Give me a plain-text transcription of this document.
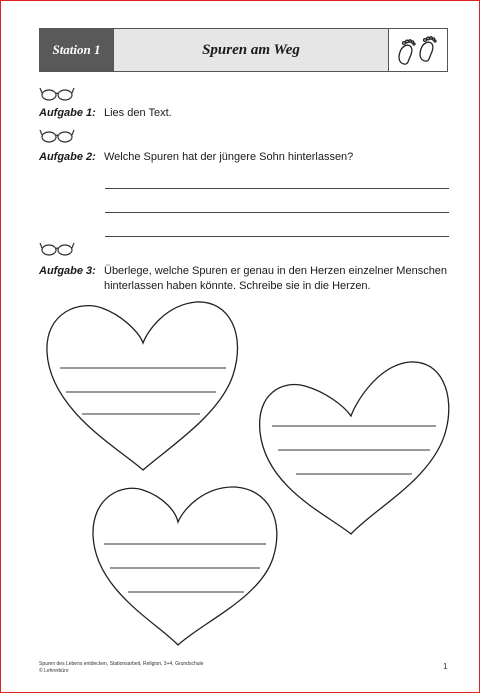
Station 1	Spuren am Weg
Aufgabe 1: Lies den Text.
Aufgabe 2: Welche Spuren hat der jüngere Sohn hinterlassen?
Aufgabe 3: Überlege, welche Spuren er genau in den Herzen einzelner Menschen
hinterlassen haben könnte. Schreibe sie in die Herzen.
Spuren des Lebens entdecken, Stationsarbeit, Religion, 3+4, Grundschule
© Lehrerbüro	1
